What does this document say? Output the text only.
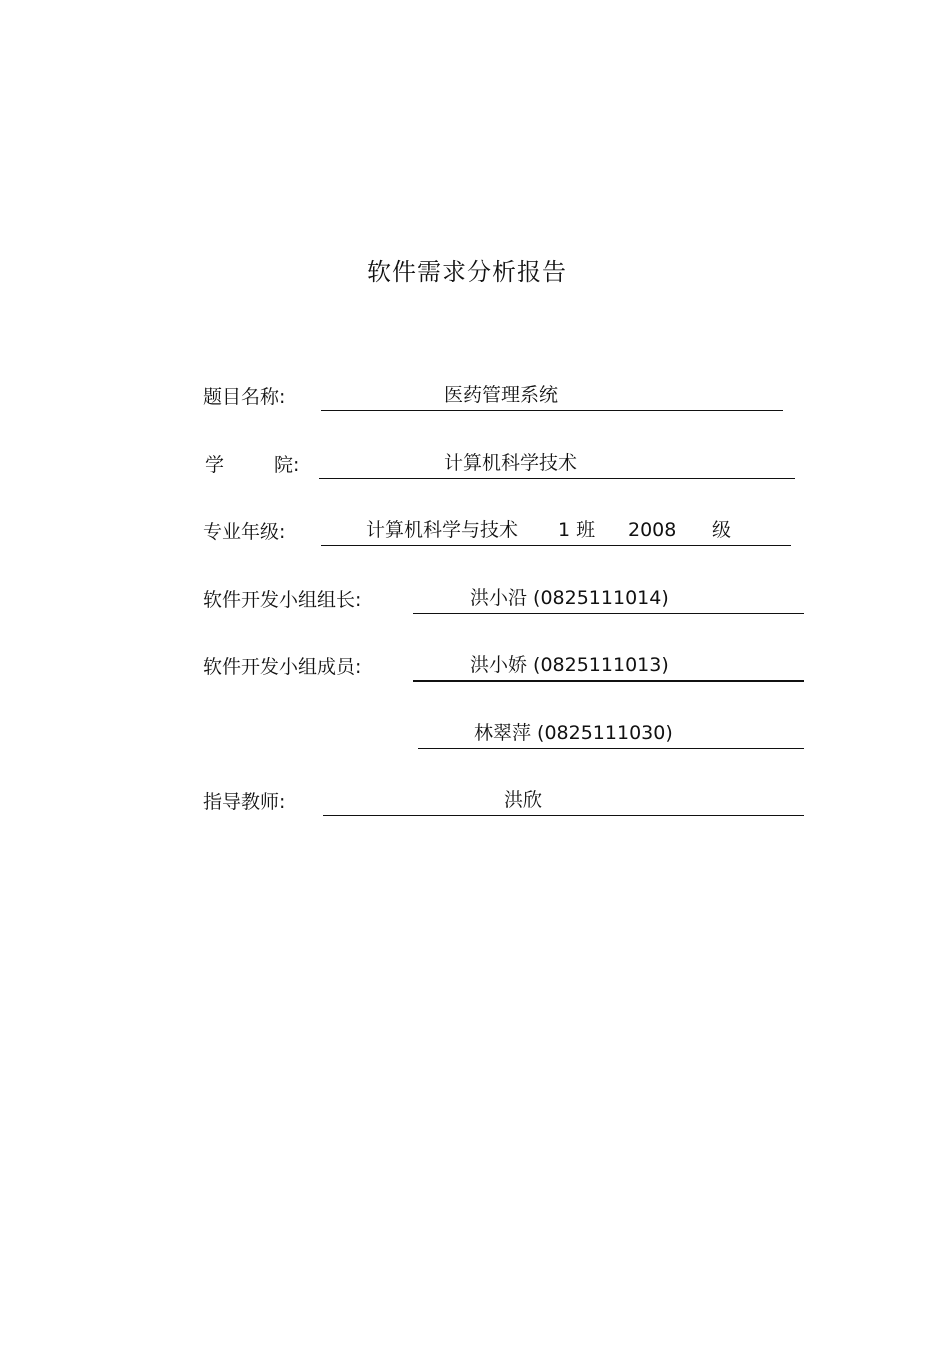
软件需求分析报告
题目名称:	医药管理系统
学	院:	计算机科学技术
专业年级:	计算机科学与技术 1 班 2008 级
软件开发小组组长:	洪小沿 (0825111014)
软件开发小组成员:	洪小娇 (0825111013)
林翠萍 (0825111030)
指导教师:	洪欣
